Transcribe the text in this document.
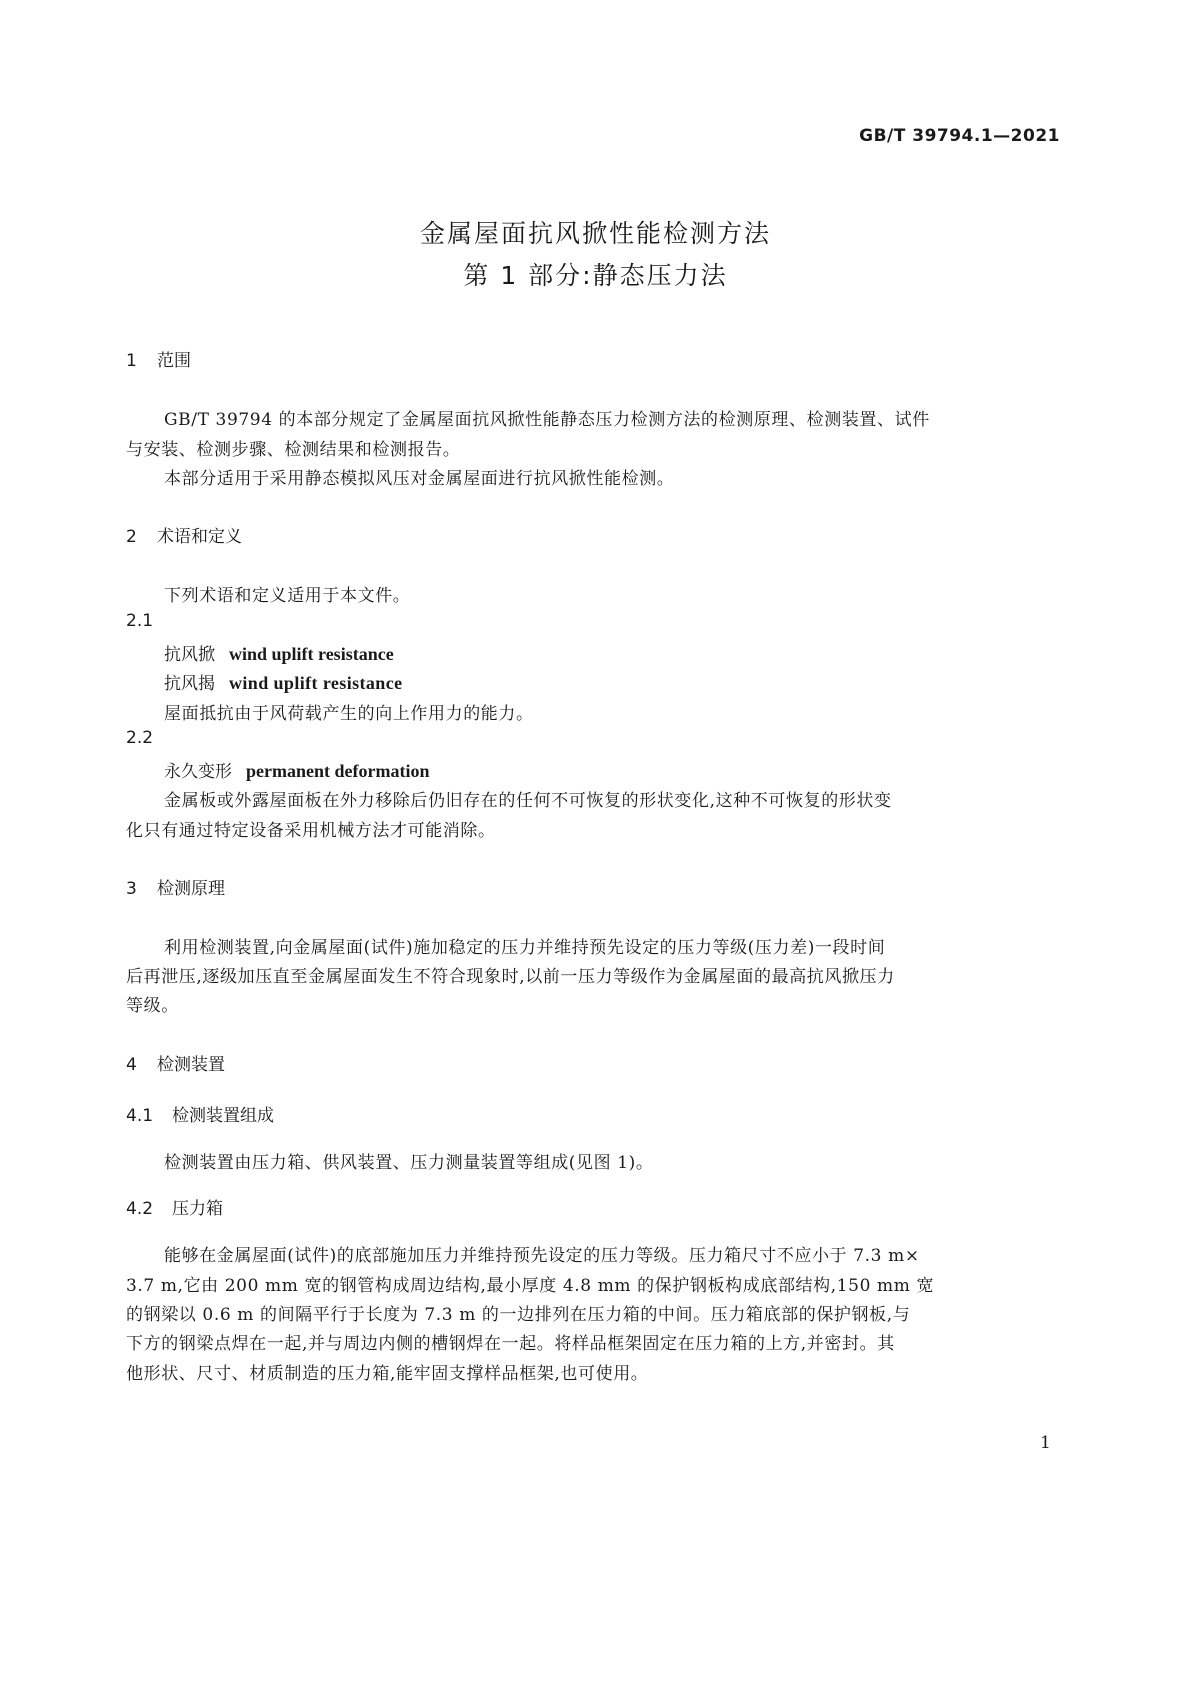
GB/T 39794.1—2021
金属屋面抗风掀性能检测方法
第 1 部分:静态压力法
1 范围
GB/T 39794 的本部分规定了金属屋面抗风掀性能静态压力检测方法的检测原理、检测装置、试件
与安装、检测步骤、检测结果和检测报告。
本部分适用于采用静态模拟风压对金属屋面进行抗风掀性能检测。
2 术语和定义
下列术语和定义适用于本文件。
2.1
抗风掀 wind uplift resistance
抗风揭 wind uplift resistance
屋面抵抗由于风荷载产生的向上作用力的能力。
2.2
永久变形 permanent deformation
金属板或外露屋面板在外力移除后仍旧存在的任何不可恢复的形状变化,这种不可恢复的形状变
化只有通过特定设备采用机械方法才可能消除。
3 检测原理
利用检测装置,向金属屋面(试件)施加稳定的压力并维持预先设定的压力等级(压力差)一段时间
后再泄压,逐级加压直至金属屋面发生不符合现象时,以前一压力等级作为金属屋面的最高抗风掀压力
等级。
4 检测装置
4.1 检测装置组成
检测装置由压力箱、供风装置、压力测量装置等组成(见图 1)。
4.2 压力箱
能够在金属屋面(试件)的底部施加压力并维持预先设定的压力等级。压力箱尺寸不应小于 7.3 m×
3.7 m,它由 200 mm 宽的钢管构成周边结构,最小厚度 4.8 mm 的保护钢板构成底部结构,150 mm 宽
的钢梁以 0.6 m 的间隔平行于长度为 7.3 m 的一边排列在压力箱的中间。压力箱底部的保护钢板,与
下方的钢梁点焊在一起,并与周边内侧的槽钢焊在一起。将样品框架固定在压力箱的上方,并密封。其
他形状、尺寸、材质制造的压力箱,能牢固支撑样品框架,也可使用。
1
